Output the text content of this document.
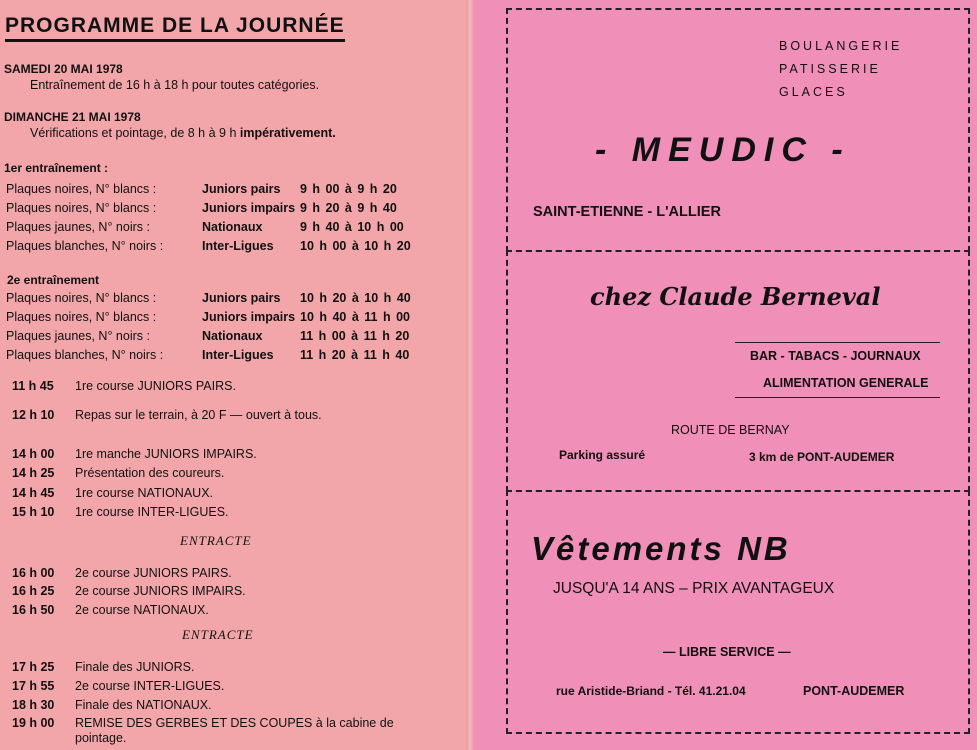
PROGRAMME DE LA JOURNÉE
SAMEDI 20 MAI 1978
Entraînement de 16 h à 18 h pour toutes catégories.
DIMANCHE 21 MAI 1978
Vérifications et pointage, de 8 h à 9 h impérativement.
1er entraînement :
Plaques noires, N° blancs :	Juniors pairs 9 h 00 à 9 h 20
Plaques noires, N° blancs :	Juniors impairs 9 h 20 à 9 h 40
Plaques jaunes, N° noirs :	Nationaux	9 h 40 à 10 h 00
Plaques blanches, N° noirs :	Inter-Ligues 10 h 00 à 10 h 20
2e entraînement
Plaques noires, N° blancs :	Juniors pairs 10 h 20 à 10 h 40
Plaques noires, N° blancs :	Juniors impairs 10 h 40 à 11 h 00
Plaques jaunes, N° noirs :	Nationaux	11 h 00 à 11 h 20
Plaques blanches, N° noirs :	Inter-Ligues 11 h 20 à 11 h 40
11 h 45 1re course JUNIORS PAIRS.
12 h 10 Repas sur le terrain, à 20 F — ouvert à tous.
14 h 00 1re manche JUNIORS IMPAIRS.
14 h 25 Présentation des coureurs.
14 h 45 1re course NATIONAUX.
15 h 10 1re course INTER-LIGUES.
16 h 00 2e course JUNIORS PAIRS.
16 h 25 2e course JUNIORS IMPAIRS.
16 h 50 2e course NATIONAUX.
17 h 25 Finale des JUNIORS.
17 h 55 2e course INTER-LIGUES.
18 h 30 Finale des NATIONAUX.
19 h 00 REMISE DES GERBES ET DES COUPES à la cabine de
ENTRACTE
ENTRACTE
pointage.
BOULANGERIE
PATISSERIE
GLACES
- MEUDIC -
SAINT-ETIENNE - L'ALLIER
chez Claude Berneval
BAR - TABACS - JOURNAUX
ALIMENTATION GENERALE
ROUTE DE BERNAY
Parking assuré	3 km de PONT-AUDEMER
Vêtements NB
JUSQU'A 14 ANS – PRIX AVANTAGEUX
— LIBRE SERVICE —
rue Aristide-Briand - Tél. 41.21.04	PONT-AUDEMER
